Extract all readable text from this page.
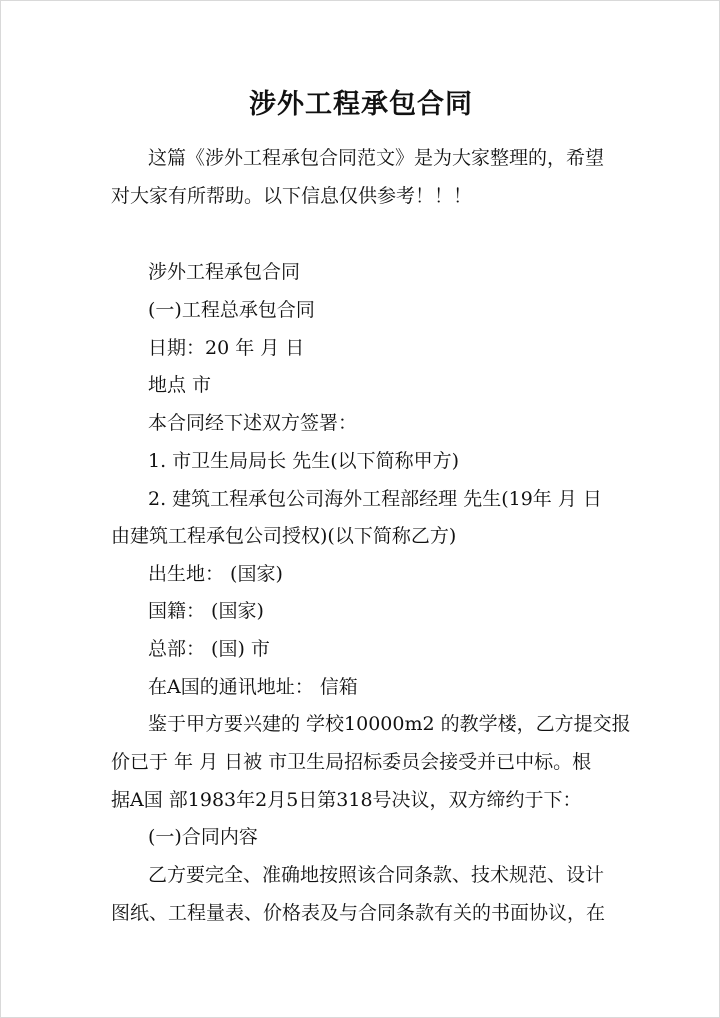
涉外工程承包合同
这篇《涉外工程承包合同范文》是为大家整理的，希望
对大家有所帮助。以下信息仅供参考！！！
涉外工程承包合同
(一)工程总承包合同
日期：20 年 月 日
地点 市
本合同经下述双方签署：
1. 市卫生局局长 先生(以下简称甲方)
2. 建筑工程承包公司海外工程部经理 先生(19年 月 日
由建筑工程承包公司授权)(以下简称乙方)
出生地： (国家)
国籍： (国家)
总部： (国) 市
在A国的通讯地址： 信箱
鉴于甲方要兴建的 学校10000m2 的教学楼，乙方提交报
价已于 年 月 日被 市卫生局招标委员会接受并已中标。根
据A国 部1983年2月5日第318号决议，双方缔约于下：
(一)合同内容
乙方要完全、准确地按照该合同条款、技术规范、设计
图纸、工程量表、价格表及与合同条款有关的书面协议，在
